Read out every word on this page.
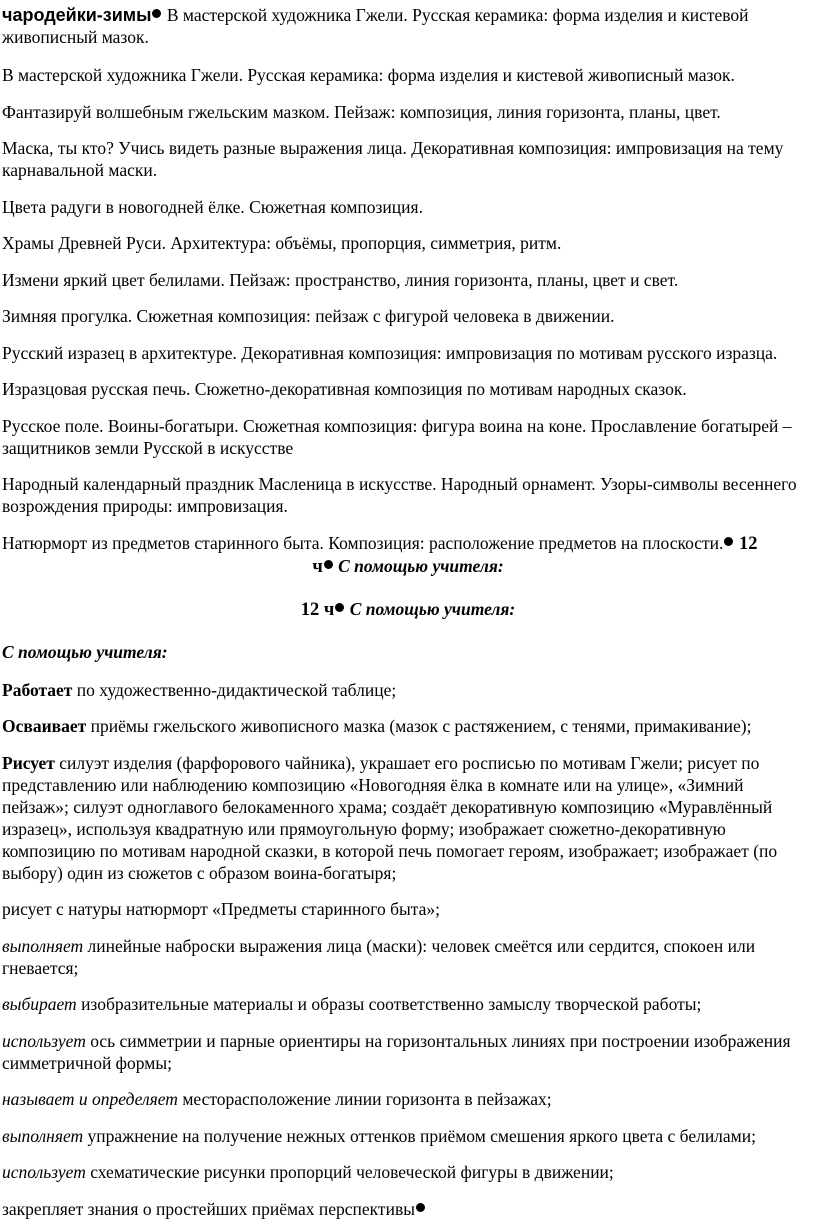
чародейки-зимы В мастерской художника Гжели. Русская керамика: форма изделия и кистевой живописный мазок.

В мастерской художника Гжели. Русская керамика: форма изделия и кистевой живописный мазок.

Фантазируй волшебным гжельским мазком. Пейзаж: композиция, линия горизонта, планы, цвет.

Маска, ты кто? Учись видеть разные выражения лица. Декоративная композиция: импровизация на тему карнавальной маски.

Цвета радуги в новогодней ёлке. Сюжетная композиция.

Храмы Древней Руси. Архитектура: объёмы, пропорция, симметрия, ритм.

Измени яркий цвет белилами. Пейзаж: пространство, линия горизонта, планы, цвет и свет.

Зимняя прогулка. Сюжетная композиция: пейзаж с фигурой человека в движении.

Русский изразец в архитектуре. Декоративная композиция: импровизация по мотивам русского изразца.

Изразцовая русская печь. Сюжетно-декоративная композиция по мотивам народных сказок.

Русское поле. Воины-богатыри. Сюжетная композиция: фигура воина на коне. Прославление богатырей – защитников земли Русской в искусстве

Народный календарный праздник Масленица в искусстве. Народный орнамент. Узоры-символы весеннего возрождения природы: импровизация.

Натюрморт из предметов старинного быта. Композиция: расположение предметов на плоскости. 12

ч С помощью учителя:

12 ч С помощью учителя:

С помощью учителя:

Работает по художественно-дидактической таблице;

Осваивает приёмы гжельского живописного мазка (мазок с растяжением, с тенями, примакивание);

Рисует силуэт изделия (фарфорового чайника), украшает его росписью по мотивам Гжели; рисует по представлению или наблюдению композицию «Новогодняя ёлка в комнате или на улице», «Зимний пейзаж»; силуэт одноглавого белокаменного храма; создаёт декоративную композицию «Муравлённый изразец», используя квадратную или прямоугольную форму; изображает сюжетно-декоративную композицию по мотивам народной сказки, в которой печь помогает героям, изображает; изображает (по выбору) один из сюжетов с образом воина-богатыря;

рисует с натуры натюрморт «Предметы старинного быта»;

выполняет линейные наброски выражения лица (маски): человек смеётся или сердится, спокоен или гневается;

выбирает изобразительные материалы и образы соответственно замыслу творческой работы;

использует ось симметрии и парные ориентиры на горизонтальных линиях при построении изображения симметричной формы;

называет и определяет месторасположение линии горизонта в пейзажах;

выполняет упражнение на получение нежных оттенков приёмом смешения яркого цвета с белилами;

использует схематические рисунки пропорций человеческой фигуры в движении;

закрепляет знания о простейших приёмах перспективы
